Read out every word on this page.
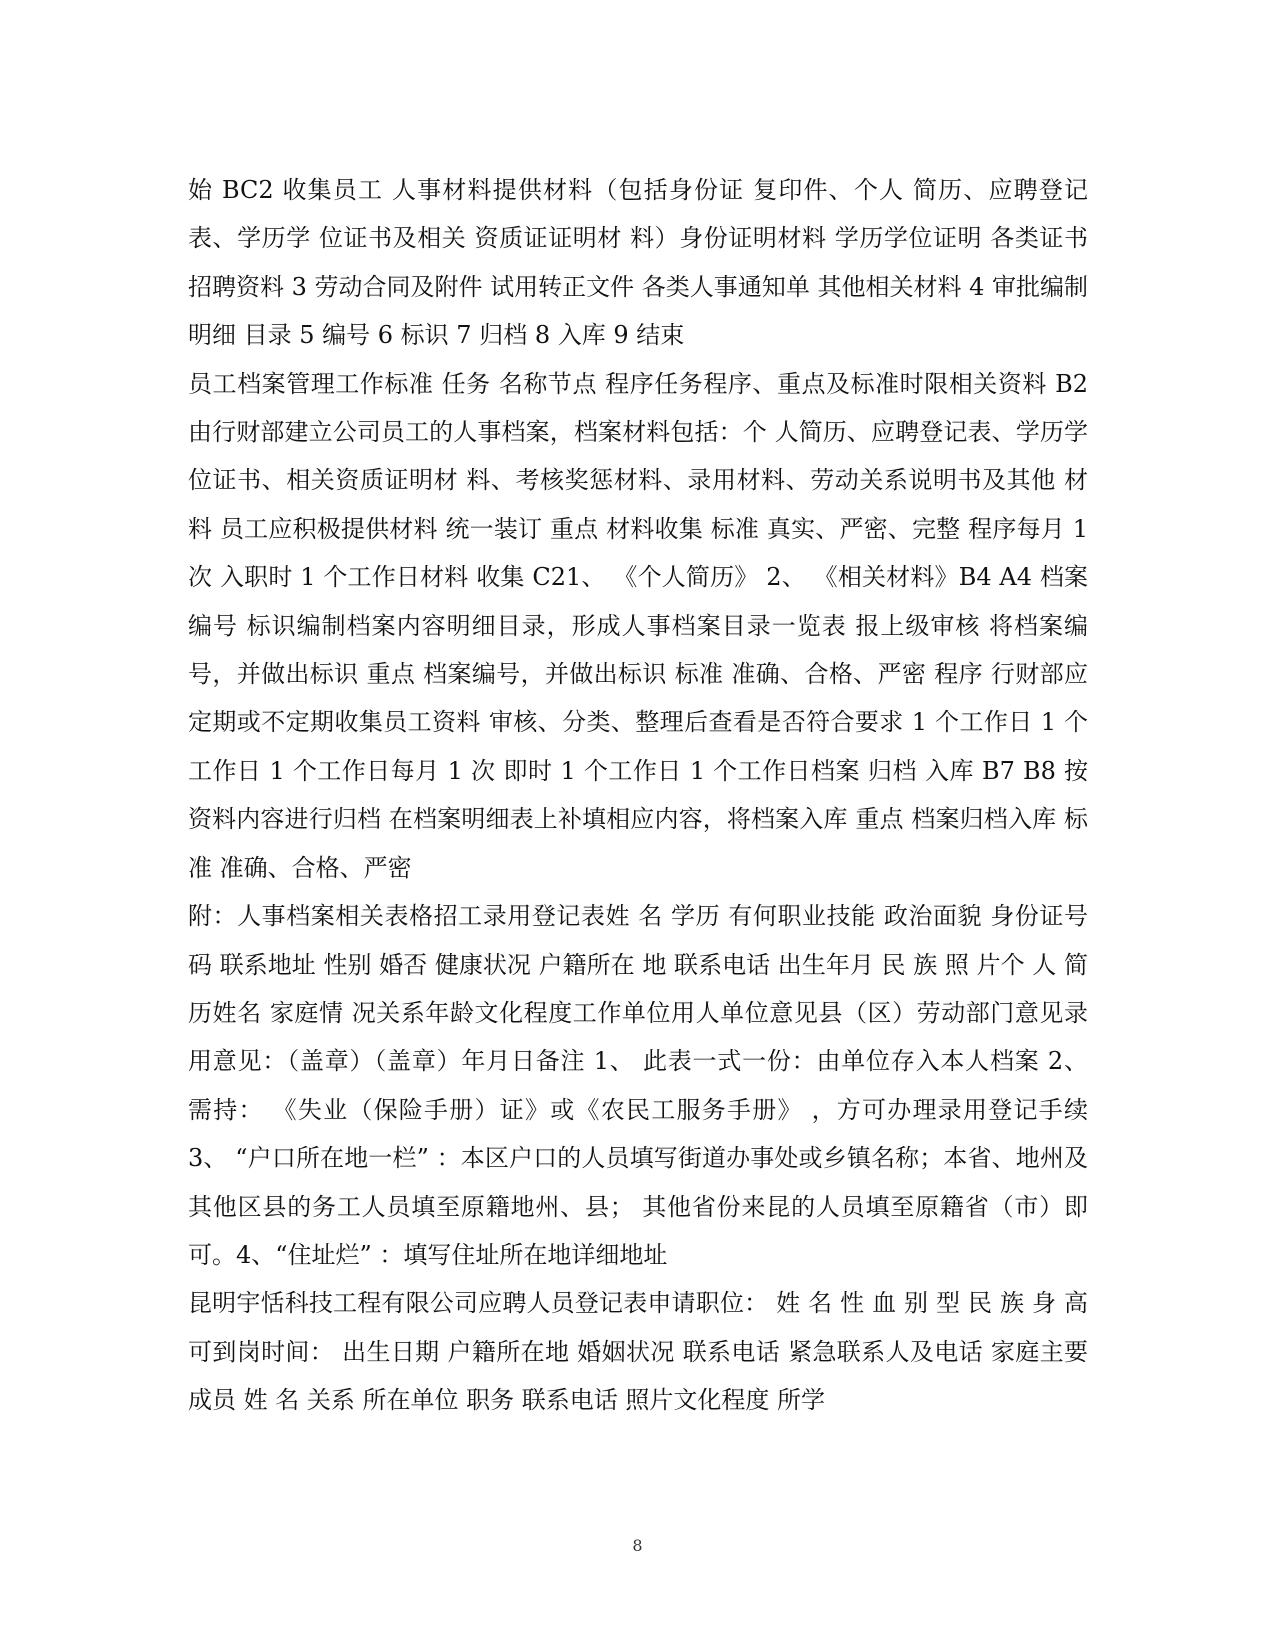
始 BC2 收集员工 人事材料提供材料（包括身份证 复印件、个人 简历、应聘登记表、学历学 位证书及相关 资质证证明材 料）身份证明材料 学历学位证明 各类证书 招聘资料 3 劳动合同及附件 试用转正文件 各类人事通知单 其他相关材料 4 审批编制明细 目录 5 编号 6 标识 7 归档 8 入库 9 结束

员工档案管理工作标准 任务 名称节点 程序任务程序、重点及标准时限相关资料 B2 由行财部建立公司员工的人事档案，档案材料包括：个 人简历、应聘登记表、学历学位证书、相关资质证明材 料、考核奖惩材料、录用材料、劳动关系说明书及其他 材料 员工应积极提供材料 统一装订 重点 材料收集 标准 真实、严密、完整 程序每月 1 次 入职时 1 个工作日材料 收集 C21、 《个人简历》 2、 《相关材料》B4 A4 档案 编号 标识编制档案内容明细目录，形成人事档案目录一览表 报上级审核 将档案编号，并做出标识 重点 档案编号，并做出标识 标准 准确、合格、严密 程序 行财部应定期或不定期收集员工资料 审核、分类、整理后查看是否符合要求 1 个工作日 1 个工作日 1 个工作日每月 1 次 即时 1 个工作日 1 个工作日档案 归档 入库 B7 B8 按资料内容进行归档 在档案明细表上补填相应内容，将档案入库 重点 档案归档入库 标准 准确、合格、严密

附：人事档案相关表格招工录用登记表姓 名 学历 有何职业技能 政治面貌 身份证号码 联系地址 性别 婚否 健康状况 户籍所在 地 联系电话 出生年月 民 族 照 片个 人 简 历姓名 家庭情 况关系年龄文化程度工作单位用人单位意见县（区）劳动部门意见录用意见：（盖章）（盖章）年月日备注 1、 此表一式一份：由单位存入本人档案 2、 需持： 《失业（保险手册）证》或《农民工服务手册》 ，方可办理录用登记手续 3、 “户口所在地一栏” ：本区户口的人员填写街道办事处或乡镇名称；本省、地州及其他区县的务工人员填至原籍地州、县； 其他省份来昆的人员填至原籍省（市）即可。4、“住址烂” ：填写住址所在地详细地址

昆明宇恬科技工程有限公司应聘人员登记表申请职位： 姓 名 性 血 别 型 民 族 身 高 可到岗时间： 出生日期 户籍所在地 婚姻状况 联系电话 紧急联系人及电话 家庭主要成员 姓 名 关系 所在单位 职务 联系电话 照片文化程度 所学

8
